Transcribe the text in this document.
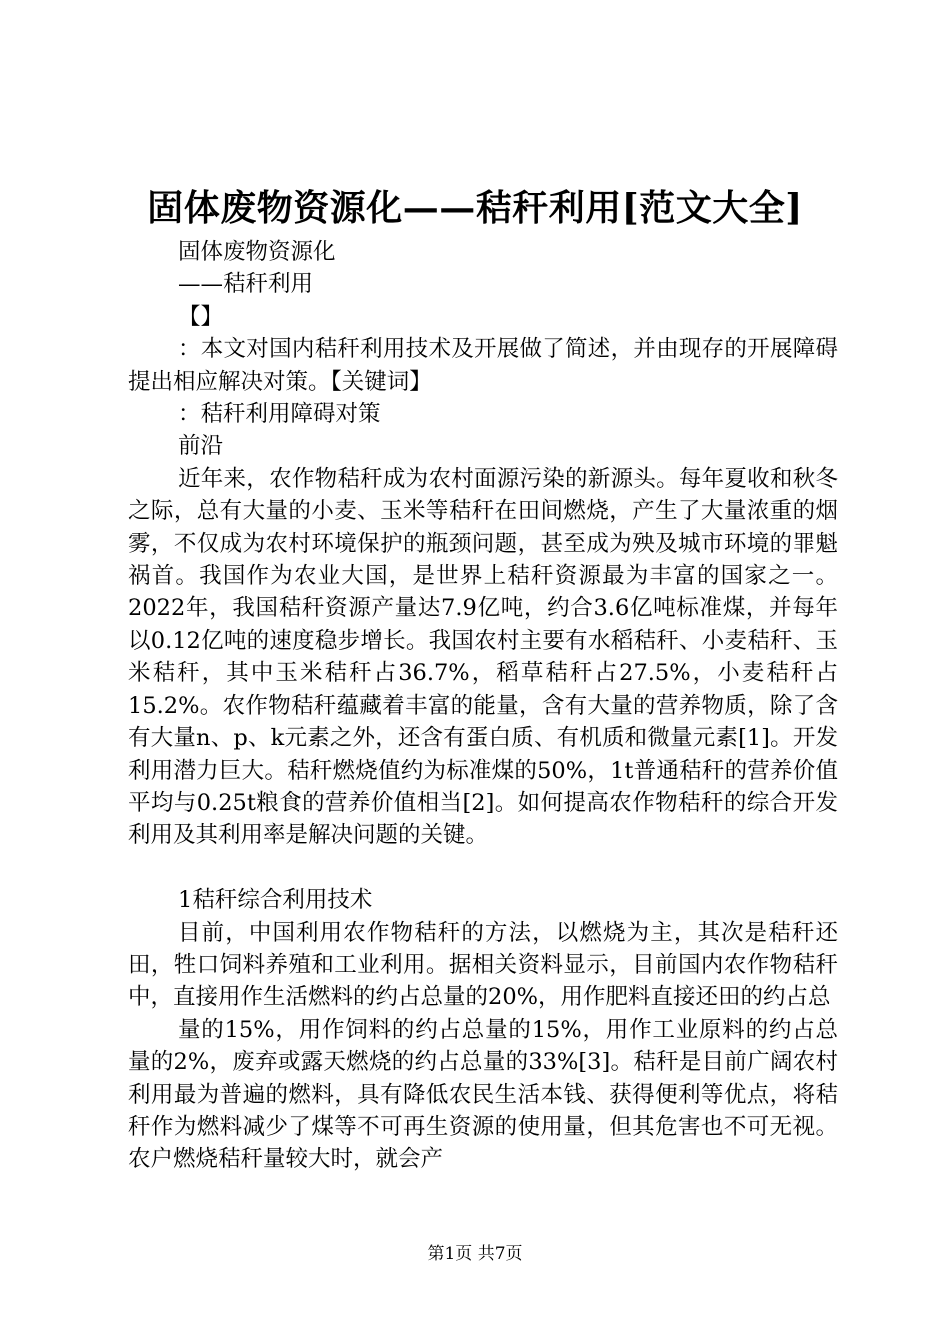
固体废物资源化——秸秆利用[范文大全]

固体废物资源化

——秸秆利用

【】

：本文对国内秸秆利用技术及开展做了简述，并由现存的开展障碍提出相应解决对策。【关键词】

：秸秆利用障碍对策

前沿

近年来，农作物秸秆成为农村面源污染的新源头。每年夏收和秋冬之际，总有大量的小麦、玉米等秸秆在田间燃烧，产生了大量浓重的烟雾，不仅成为农村环境保护的瓶颈问题，甚至成为殃及城市环境的罪魁祸首。我国作为农业大国，是世界上秸秆资源最为丰富的国家之一。2022年，我国秸秆资源产量达7.9亿吨，约合3.6亿吨标准煤，并每年以0.12亿吨的速度稳步增长。我国农村主要有水稻秸秆、小麦秸秆、玉米秸秆，其中玉米秸秆占36.7%，稻草秸秆占27.5%，小麦秸秆占15.2%。农作物秸秆蕴藏着丰富的能量，含有大量的营养物质，除了含有大量n、p、k元素之外，还含有蛋白质、有机质和微量元素[1]。开发利用潜力巨大。秸秆燃烧值约为标准煤的50%，1t普通秸秆的营养价值平均与0.25t粮食的营养价值相当[2]。如何提高农作物秸秆的综合开发利用及其利用率是解决问题的关键。

1秸秆综合利用技术

目前，中国利用农作物秸秆的方法，以燃烧为主，其次是秸秆还田，牲口饲料养殖和工业利用。据相关资料显示，目前国内农作物秸秆中，直接用作生活燃料的约占总量的20%，用作肥料直接还田的约占总

量的15%，用作饲料的约占总量的15%，用作工业原料的约占总量的2%，废弃或露天燃烧的约占总量的33%[3]。秸秆是目前广阔农村利用最为普遍的燃料，具有降低农民生活本钱、获得便利等优点，将秸秆作为燃料减少了煤等不可再生资源的使用量，但其危害也不可无视。农户燃烧秸秆量较大时，就会产

第1页 共7页
